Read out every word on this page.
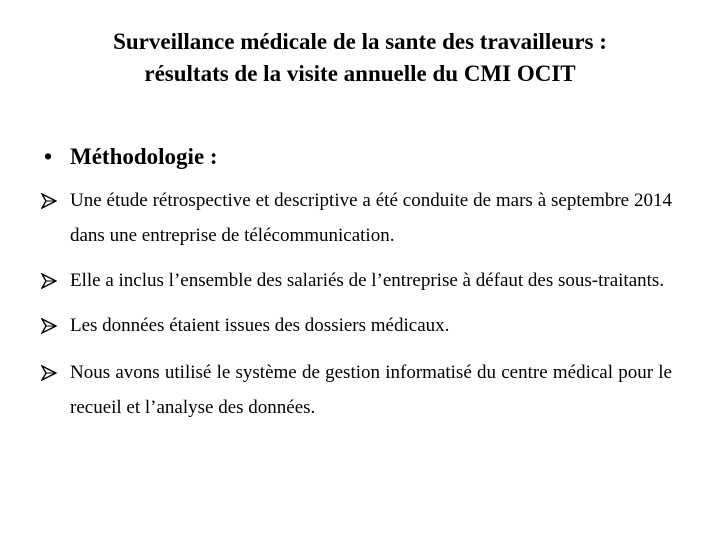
Surveillance médicale de la sante des travailleurs :
résultats de la visite annuelle du CMI OCIT
• Méthodologie :
Une étude rétrospective et descriptive a été conduite de mars à septembre 2014 dans une entreprise de télécommunication.
Elle a inclus l’ensemble des salariés de l’entreprise à défaut des sous-traitants.
Les données étaient issues des dossiers médicaux.
Nous avons utilisé le système de gestion informatisé du centre médical pour le recueil et l’analyse des données.
